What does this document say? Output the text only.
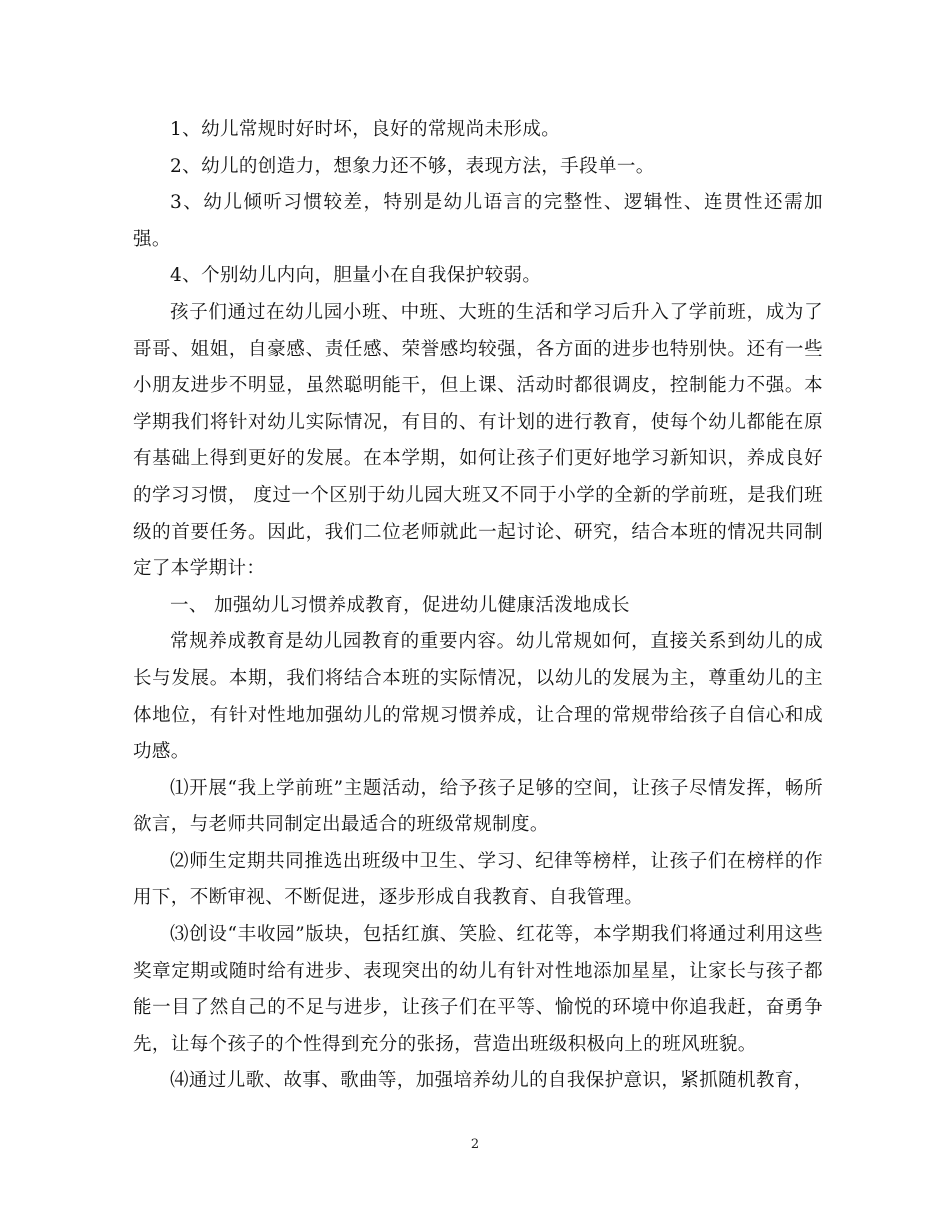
1、幼儿常规时好时坏，良好的常规尚未形成。

2、幼儿的创造力，想象力还不够，表现方法，手段单一。

3、幼儿倾听习惯较差，特别是幼儿语言的完整性、逻辑性、连贯性还需加强。

4、个别幼儿内向，胆量小在自我保护较弱。

孩子们通过在幼儿园小班、中班、大班的生活和学习后升入了学前班，成为了哥哥、姐姐，自豪感、责任感、荣誉感均较强，各方面的进步也特别快。还有一些小朋友进步不明显，虽然聪明能干，但上课、活动时都很调皮，控制能力不强。本学期我们将针对幼儿实际情况，有目的、有计划的进行教育，使每个幼儿都能在原有基础上得到更好的发展。在本学期，如何让孩子们更好地学习新知识，养成良好的学习习惯， 度过一个区别于幼儿园大班又不同于小学的全新的学前班，是我们班级的首要任务。因此，我们二位老师就此一起讨论、研究，结合本班的情况共同制定了本学期计：

一、 加强幼儿习惯养成教育，促进幼儿健康活泼地成长

常规养成教育是幼儿园教育的重要内容。幼儿常规如何，直接关系到幼儿的成长与发展。本期，我们将结合本班的实际情况，以幼儿的发展为主，尊重幼儿的主体地位，有针对性地加强幼儿的常规习惯养成，让合理的常规带给孩子自信心和成功感。

⑴开展“我上学前班”主题活动，给予孩子足够的空间，让孩子尽情发挥，畅所欲言，与老师共同制定出最适合的班级常规制度。

⑵师生定期共同推选出班级中卫生、学习、纪律等榜样，让孩子们在榜样的作用下，不断审视、不断促进，逐步形成自我教育、自我管理。

⑶创设“丰收园”版块，包括红旗、笑脸、红花等，本学期我们将通过利用这些奖章定期或随时给有进步、表现突出的幼儿有针对性地添加星星，让家长与孩子都能一目了然自己的不足与进步，让孩子们在平等、愉悦的环境中你追我赶，奋勇争先，让每个孩子的个性得到充分的张扬，营造出班级积极向上的班风班貌。

⑷通过儿歌、故事、歌曲等，加强培养幼儿的自我保护意识，紧抓随机教育，

2
